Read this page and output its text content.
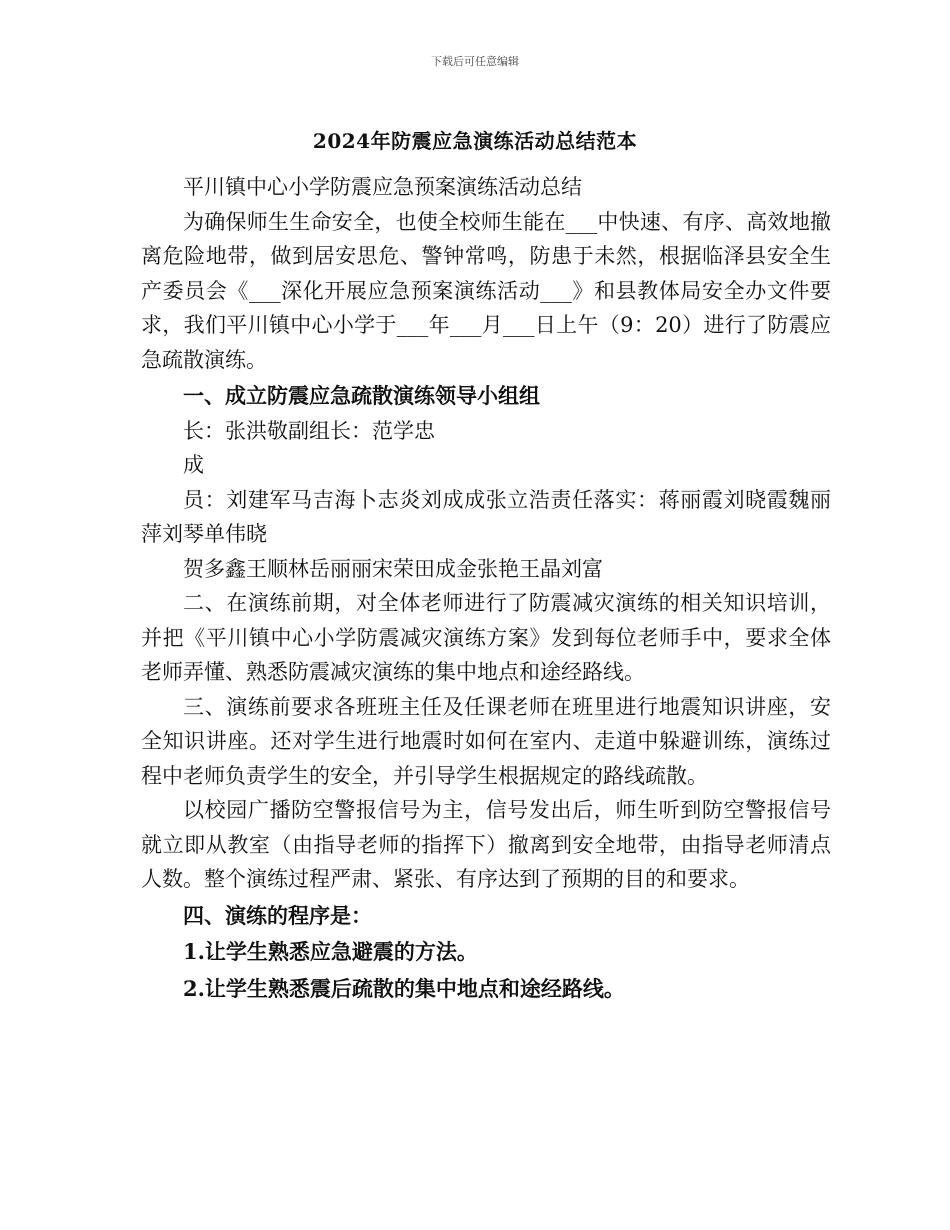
下载后可任意编辑
2024年防震应急演练活动总结范本

平川镇中心小学防震应急预案演练活动总结

为确保师生生命安全，也使全校师生能在___中快速、有序、高效地撤离危险地带，做到居安思危、警钟常鸣，防患于未然，根据临泽县安全生产委员会《___深化开展应急预案演练活动___》和县教体局安全办文件要求，我们平川镇中心小学于___年___月___日上午（9：20）进行了防震应急疏散演练。

一、成立防震应急疏散演练领导小组组

长：张洪敬副组长：范学忠

成

员：刘建军马吉海卜志炎刘成成张立浩责任落实：蒋丽霞刘晓霞魏丽萍刘琴单伟晓

贺多鑫王顺林岳丽丽宋荣田成金张艳王晶刘富

二、在演练前期，对全体老师进行了防震减灾演练的相关知识培训，并把《平川镇中心小学防震减灾演练方案》发到每位老师手中，要求全体老师弄懂、熟悉防震减灾演练的集中地点和途经路线。

三、演练前要求各班班主任及任课老师在班里进行地震知识讲座，安全知识讲座。还对学生进行地震时如何在室内、走道中躲避训练，演练过程中老师负责学生的安全，并引导学生根据规定的路线疏散。

以校园广播防空警报信号为主，信号发出后，师生听到防空警报信号就立即从教室（由指导老师的指挥下）撤离到安全地带，由指导老师清点人数。整个演练过程严肃、紧张、有序达到了预期的目的和要求。

四、演练的程序是：

1.让学生熟悉应急避震的方法。

2.让学生熟悉震后疏散的集中地点和途经路线。
